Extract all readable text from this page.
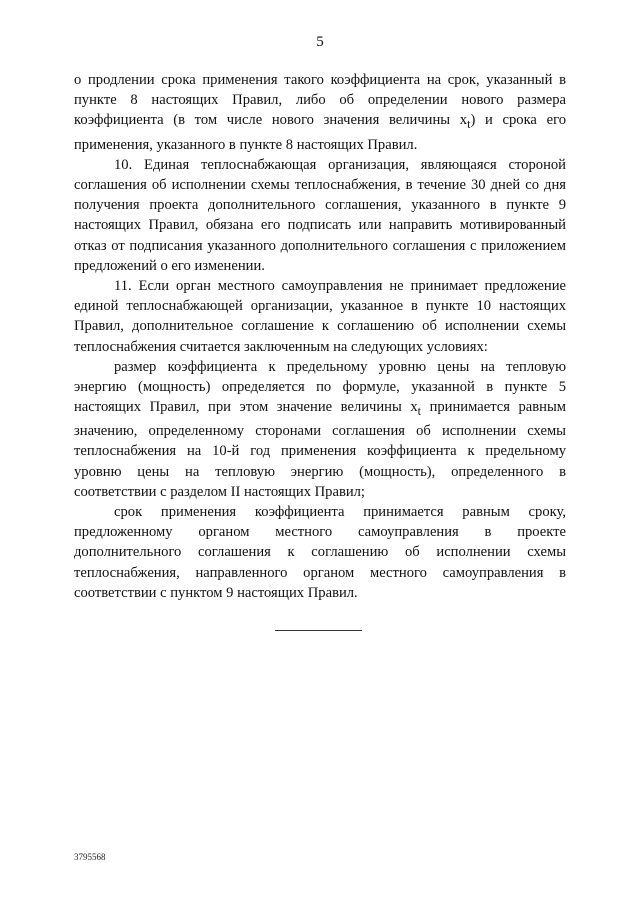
5

о продлении срока применения такого коэффициента на срок, указанный в пункте 8 настоящих Правил, либо об определении нового размера коэффициента (в том числе нового значения величины $x_t$) и срока его применения, указанного в пункте 8 настоящих Правил.

10. Единая теплоснабжающая организация, являющаяся стороной соглашения об исполнении схемы теплоснабжения, в течение 30 дней со дня получения проекта дополнительного соглашения, указанного в пункте 9 настоящих Правил, обязана его подписать или направить мотивированный отказ от подписания указанного дополнительного соглашения с приложением предложений о его изменении.

11. Если орган местного самоуправления не принимает предложение единой теплоснабжающей организации, указанное в пункте 10 настоящих Правил, дополнительное соглашение к соглашению об исполнении схемы теплоснабжения считается заключенным на следующих условиях:

размер коэффициента к предельному уровню цены на тепловую энергию (мощность) определяется по формуле, указанной в пункте 5 настоящих Правил, при этом значение величины $x_t$ принимается равным значению, определенному сторонами соглашения об исполнении схемы теплоснабжения на 10-й год применения коэффициента к предельному уровню цены на тепловую энергию (мощность), определенного в соответствии с разделом II настоящих Правил;

срок применения коэффициента принимается равным сроку, предложенному органом местного самоуправления в проекте дополнительного соглашения к соглашению об исполнении схемы теплоснабжения, направленного органом местного самоуправления в соответствии с пунктом 9 настоящих Правил.

3795568
